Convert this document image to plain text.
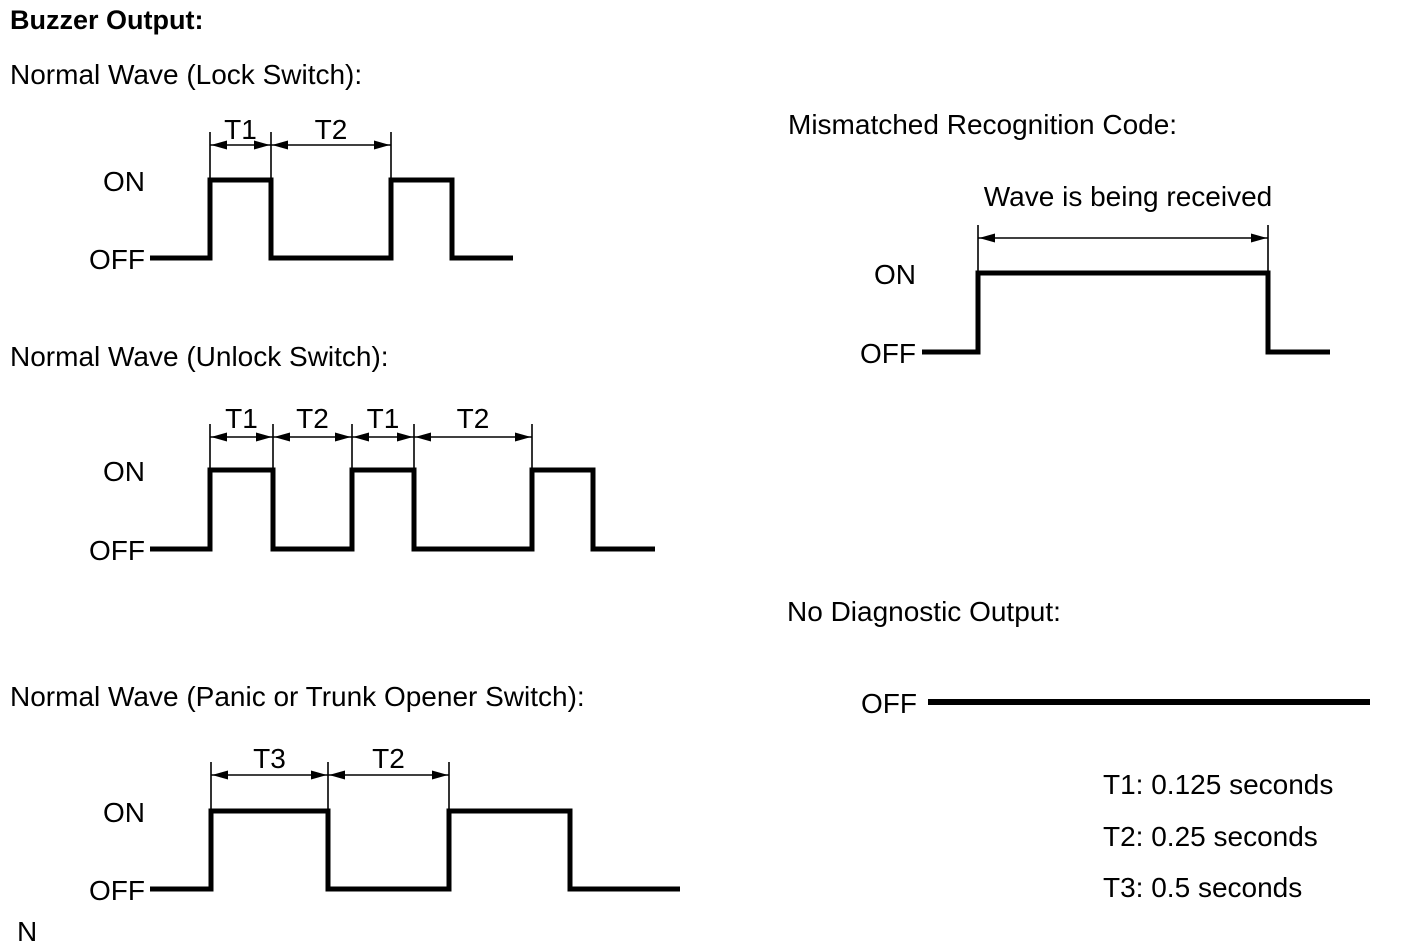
Buzzer Output:
Normal Wave (Lock Switch):
Normal Wave (Unlock Switch):
Normal Wave (Panic or Trunk Opener Switch):
Mismatched Recognition Code:
No Diagnostic Output:
T1: 0.125 seconds
T2: 0.25 seconds
T3: 0.5 seconds
N
T1 T2
ON
OFF
T1 T2 T1 T2
ON
OFF
T3	T2
ON
OFF
Wave is being received
ON
OFF
OFF
